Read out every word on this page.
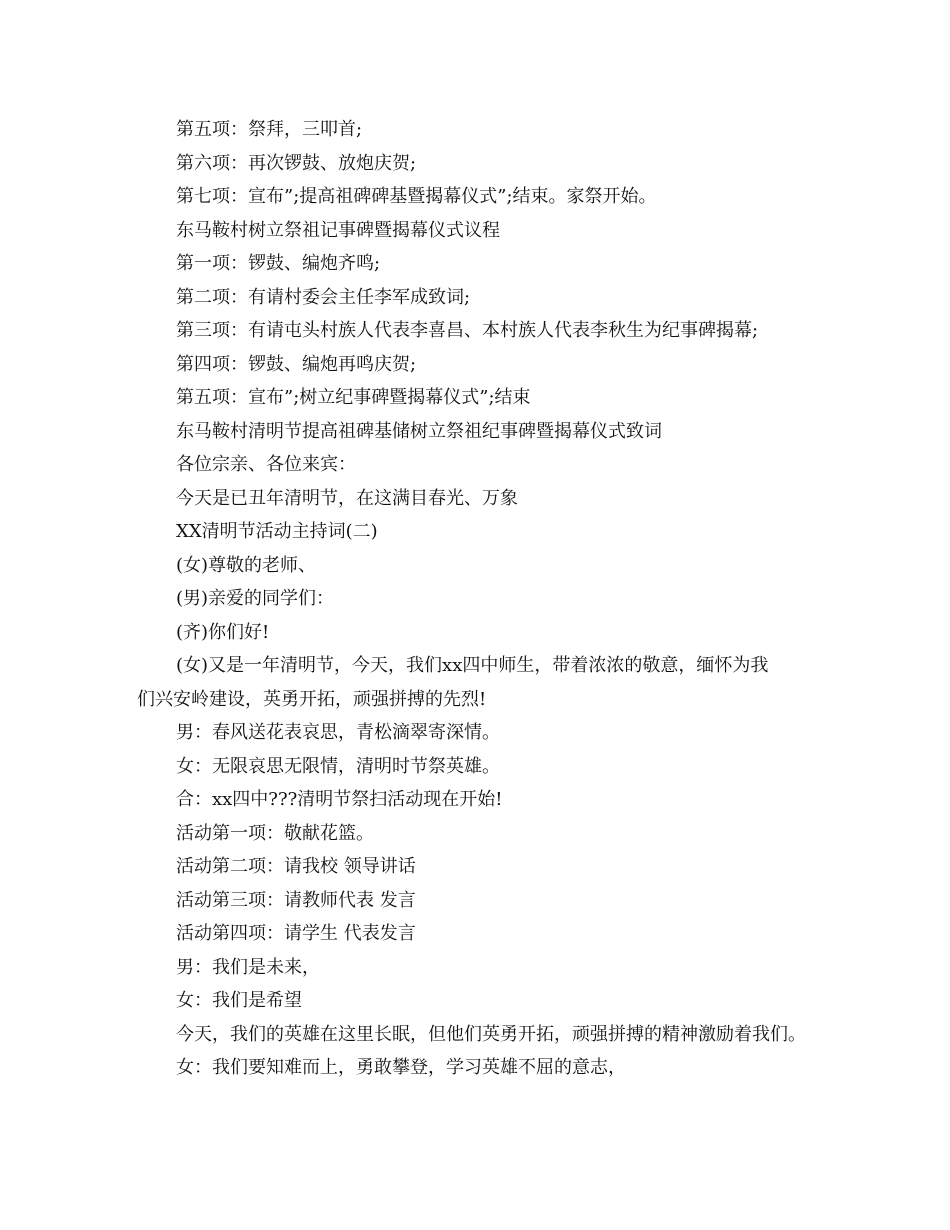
第五项：祭拜，三叩首;

第六项：再次锣鼓、放炮庆贺;

第七项：宣布”;提高祖碑碑基暨揭幕仪式”;结束。家祭开始。

东马鞍村树立祭祖记事碑暨揭幕仪式议程

第一项：锣鼓、编炮齐鸣;

第二项：有请村委会主任李军成致词;

第三项：有请屯头村族人代表李喜昌、本村族人代表李秋生为纪事碑揭幕;

第四项：锣鼓、编炮再鸣庆贺;

第五项：宣布”;树立纪事碑暨揭幕仪式”;结束

东马鞍村清明节提高祖碑基储树立祭祖纪事碑暨揭幕仪式致词

各位宗亲、各位来宾：

今天是已丑年清明节，在这满目春光、万象

XX清明节活动主持词(二)

(女)尊敬的老师、

(男)亲爱的同学们：

(齐)你们好!

(女)又是一年清明节，今天，我们xx四中师生，带着浓浓的敬意，缅怀为我

们兴安岭建设，英勇开拓，顽强拼搏的先烈!

男：春风送花表哀思，青松滴翠寄深情。

女：无限哀思无限情，清明时节祭英雄。

合：xx四中???清明节祭扫活动现在开始!

活动第一项：敬献花篮。

活动第二项：请我校 领导讲话

活动第三项：请教师代表 发言

活动第四项：请学生 代表发言

男：我们是未来，

女：我们是希望

今天，我们的英雄在这里长眠，但他们英勇开拓，顽强拼搏的精神激励着我们。

女：我们要知难而上，勇敢攀登，学习英雄不屈的意志，
